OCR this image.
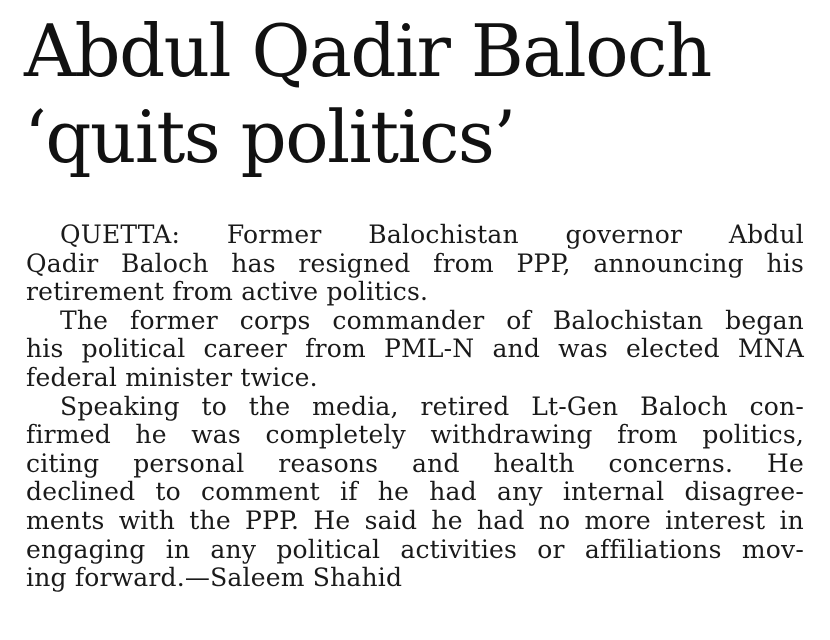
Abdul Qadir Baloch
‘quits politics’

QUETTA: Former Balochistan governor Abdul
Qadir Baloch has resigned from PPP, announcing his
retirement from active politics.

The former corps commander of Balochistan began
his political career from PML-N and was elected MNA
federal minister twice.

Speaking to the media, retired Lt-Gen Baloch con-
firmed he was completely withdrawing from politics,
citing personal reasons and health concerns. He
declined to comment if he had any internal disagree-
ments with the PPP. He said he had no more interest in
engaging in any political activities or affiliations mov-
ing forward.—Saleem Shahid
